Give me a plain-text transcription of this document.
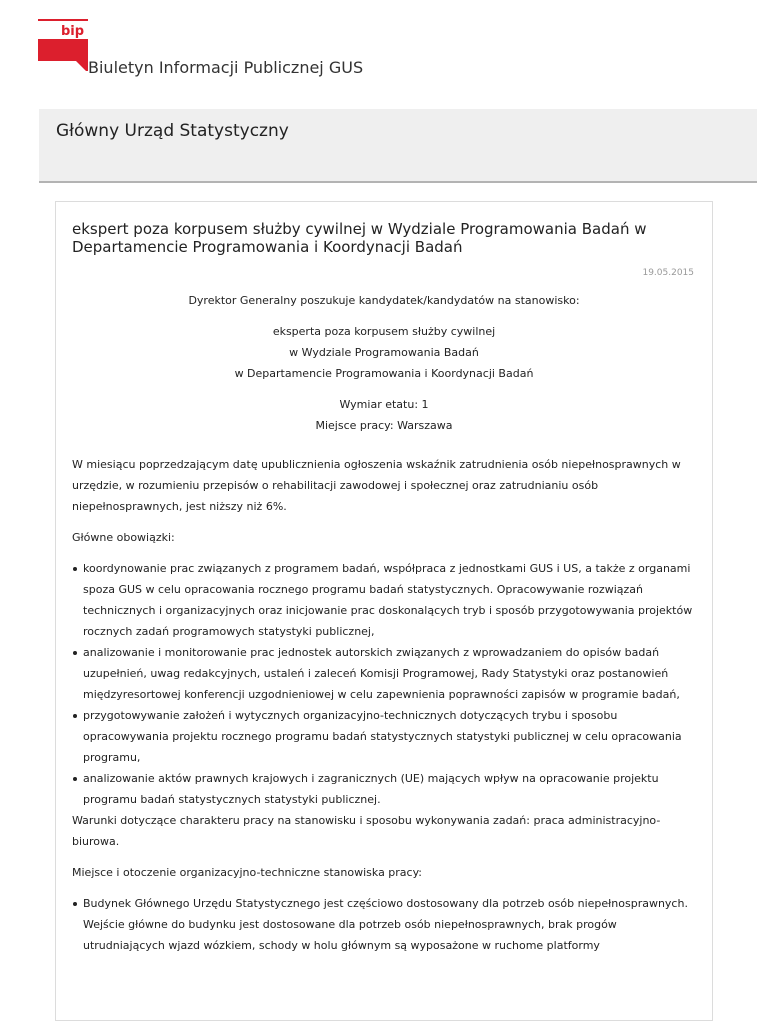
bip
Biuletyn Informacji Publicznej GUS
Główny Urząd Statystyczny
ekspert poza korpusem służby cywilnej w Wydziale Programowania Badań w Departamencie Programowania i Koordynacji Badań
19.05.2015

Dyrektor Generalny poszukuje kandydatek/kandydatów na stanowisko:

eksperta poza korpusem służby cywilnej
w Wydziale Programowania Badań
w Departamencie Programowania i Koordynacji Badań
Wymiar etatu: 1
Miejsce pracy: Warszawa

W miesiącu poprzedzającym datę upublicznienia ogłoszenia wskaźnik zatrudnienia osób niepełnosprawnych w urzędzie, w rozumieniu przepisów o rehabilitacji zawodowej i społecznej oraz zatrudnianiu osób niepełnosprawnych, jest niższy niż 6%.

Główne obowiązki:

koordynowanie prac związanych z programem badań, współpraca z jednostkami GUS i US, a także z organami spoza GUS w celu opracowania rocznego programu badań statystycznych. Opracowywanie rozwiązań technicznych i organizacyjnych oraz inicjowanie prac doskonalących tryb i sposób przygotowywania projektów rocznych zadań programowych statystyki publicznej,
analizowanie i monitorowanie prac jednostek autorskich związanych z wprowadzaniem do opisów badań uzupełnień, uwag redakcyjnych, ustaleń i zaleceń Komisji Programowej, Rady Statystyki oraz postanowień międzyresortowej konferencji uzgodnieniowej w celu zapewnienia poprawności zapisów w programie badań,
przygotowywanie założeń i wytycznych organizacyjno-technicznych dotyczących trybu i sposobu opracowywania projektu rocznego programu badań statystycznych statystyki publicznej w celu opracowania programu,
analizowanie aktów prawnych krajowych i zagranicznych (UE) mających wpływ na opracowanie projektu programu badań statystycznych statystyki publicznej.

Warunki dotyczące charakteru pracy na stanowisku i sposobu wykonywania zadań: praca administracyjno-biurowa.

Miejsce i otoczenie organizacyjno-techniczne stanowiska pracy:

Budynek Głównego Urzędu Statystycznego jest częściowo dostosowany dla potrzeb osób niepełnosprawnych. Wejście główne do budynku jest dostosowane dla potrzeb osób niepełnosprawnych, brak progów utrudniających wjazd wózkiem, schody w holu głównym są wyposażone w ruchome platformy
